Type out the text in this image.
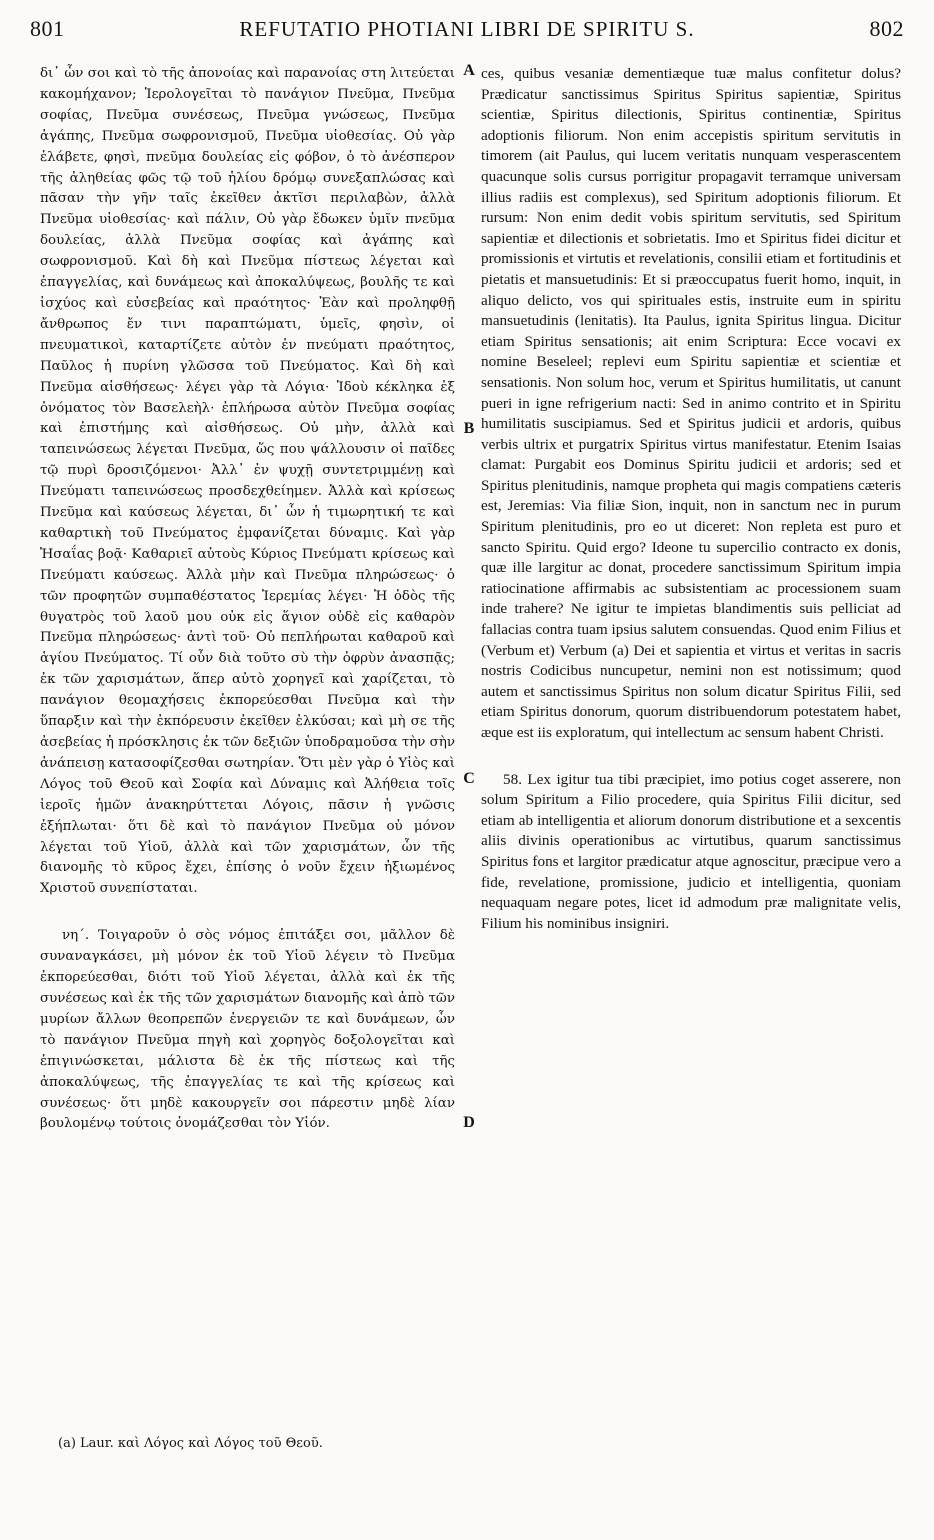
801	REFUTATIO PHOTIANI LIBRI DE SPIRITU S.	802

δι᾿ ὧν σοι καὶ τὸ τῆς ἀπονοίας καὶ παρανοίας στη λιτεύεται κακομήχανον; Ἱερολογεῖται τὸ πανάγιον Πνεῦμα, Πνεῦμα σοφίας, Πνεῦμα συνέσεως, Πνεῦμα γνώσεως, Πνεῦμα ἀγάπης, Πνεῦμα σωφρονισμοῦ, Πνεῦμα υἱοθεσίας. Οὐ γὰρ ἐλάβετε, φησὶ, πνεῦμα δουλείας εἰς φόβον, ὁ τὸ ἀνέσπερον τῆς ἀληθείας φῶς τῷ τοῦ ἡλίου δρόμῳ συνεξαπλώσας καὶ πᾶσαν τὴν γῆν ταῖς ἐκεῖθεν ἀκτῖσι περιλαβὼν, ἀλλὰ Πνεῦμα υἱοθεσίας· καὶ πάλιν, Οὐ γὰρ ἔδωκεν ὑμῖν πνεῦμα δουλείας, ἀλλὰ Πνεῦμα σοφίας καὶ ἀγάπης καὶ σωφρονισμοῦ. Καὶ δὴ καὶ Πνεῦμα πίστεως λέγεται καὶ ἐπαγγελίας, καὶ δυνάμεως καὶ ἀποκαλύψεως, βουλῆς τε καὶ ἰσχύος καὶ εὐσεβείας καὶ πραότητος· Ἐὰν καὶ προληφθῇ ἄνθρωπος ἔν τινι παραπτώματι, ὑμεῖς, φησὶν, οἱ πνευματικοὶ, καταρτίζετε αὐτὸν ἐν πνεύματι πραότητος, Παῦλος ἡ πυρίνη γλῶσσα τοῦ Πνεύματος. Καὶ δὴ καὶ Πνεῦμα αἰσθήσεως· λέγει γὰρ τὰ Λόγια· Ἰδοὺ κέκληκα ἐξ ὀνόματος τὸν Βασελεὴλ· ἐπλήρωσα αὐτὸν Πνεῦμα σοφίας καὶ ἐπιστήμης καὶ αἰσθήσεως. Οὐ μὴν, ἀλλὰ καὶ ταπεινώσεως λέγεται Πνεῦμα, ὥς που ψάλλουσιν οἱ παῖδες τῷ πυρὶ δροσιζόμενοι· Ἀλλ᾿ ἐν ψυχῇ συντετριμμένῃ καὶ Πνεύματι ταπεινώσεως προσδεχθείημεν. Ἀλλὰ καὶ κρίσεως Πνεῦμα καὶ καύσεως λέγεται, δι᾿ ὧν ἡ τιμωρητική τε καὶ καθαρτικὴ τοῦ Πνεύματος ἐμφανίζεται δύναμις. Καὶ γὰρ Ἡσαΐας βοᾷ· Καθαριεῖ αὐτοὺς Κύριος Πνεύματι κρίσεως καὶ Πνεύματι καύσεως. Ἀλλὰ μὴν καὶ Πνεῦμα πληρώσεως· ὁ τῶν προφητῶν συμπαθέστατος Ἱερεμίας λέγει· Ἡ ὁδὸς τῆς θυγατρὸς τοῦ λαοῦ μου οὐκ εἰς ἅγιον οὐδὲ εἰς καθαρὸν Πνεῦμα πληρώσεως· ἀντὶ τοῦ· Οὐ πεπλήρωται καθαροῦ καὶ ἁγίου Πνεύματος. Τί οὖν διὰ τοῦτο σὺ τὴν ὀφρὺν ἀνασπᾷς; ἐκ τῶν χαρισμάτων, ἅπερ αὐτὸ χορηγεῖ καὶ χαρίζεται, τὸ πανάγιον θεομαχήσεις ἐκπορεύεσθαι Πνεῦμα καὶ τὴν ὕπαρξιν καὶ τὴν ἐκπόρευσιν ἐκεῖθεν ἑλκύσαι; καὶ μὴ σε τῆς ἀσεβείας ἡ πρόσκλησις ἐκ τῶν δεξιῶν ὑποδραμοῦσα τὴν σὴν ἀνάπεισῃ κατασοφίζεσθαι σωτηρίαν. Ὅτι μὲν γὰρ ὁ Υἱὸς καὶ Λόγος τοῦ Θεοῦ καὶ Σοφία καὶ Δύναμις καὶ Ἀλήθεια τοῖς ἱεροῖς ἡμῶν ἀνακηρύττεται Λόγοις, πᾶσιν ἡ γνῶσις ἐξήπλωται· ὅτι δὲ καὶ τὸ πανάγιον Πνεῦμα οὐ μόνον λέγεται τοῦ Υἱοῦ, ἀλλὰ καὶ τῶν χαρισμάτων, ὧν τῆς διανομῆς τὸ κῦρος ἔχει, ἐπίσης ὁ νοῦν ἔχειν ἠξιωμένος Χριστοῦ συνεπίσταται.

νη΄. Τοιγαροῦν ὁ σὸς νόμος ἐπιτάξει σοι, μᾶλλον δὲ συναναγκάσει, μὴ μόνον ἐκ τοῦ Υἱοῦ λέγειν τὸ Πνεῦμα ἐκπορεύεσθαι, διότι τοῦ Υἱοῦ λέγεται, ἀλλὰ καὶ ἐκ τῆς συνέσεως καὶ ἐκ τῆς τῶν χαρισμάτων διανομῆς καὶ ἀπὸ τῶν μυρίων ἄλλων θεοπρεπῶν ἐνεργειῶν τε καὶ δυνάμεων, ὧν τὸ πανάγιον Πνεῦμα πηγὴ καὶ χορηγὸς δοξολογεῖται καὶ ἐπιγινώσκεται, μάλιστα δὲ ἐκ τῆς πίστεως καὶ τῆς ἀποκαλύψεως, τῆς ἐπαγγελίας τε καὶ τῆς κρίσεως καὶ συνέσεως· ὅτι μηδὲ κακουργεῖν σοι πάρεστιν μηδὲ λίαν βουλομένῳ τούτοις ὀνομάζεσθαι τὸν Υἱόν.

A
B
C
D

ces, quibus vesaniæ dementiæque tuæ malus confitetur dolus? Prædicatur sanctissimus Spiritus Spiritus sapientiæ, Spiritus scientiæ, Spiritus dilectionis, Spiritus continentiæ, Spiritus adoptionis filiorum. Non enim accepistis spiritum servitutis in timorem (ait Paulus, qui lucem veritatis nunquam vesperascentem quacunque solis cursus porrigitur propagavit terramque universam illius radiis est complexus), sed Spiritum adoptionis filiorum. Et rursum: Non enim dedit vobis spiritum servitutis, sed Spiritum sapientiæ et dilectionis et sobrietatis. Imo et Spiritus fidei dicitur et promissionis et virtutis et revelationis, consilii etiam et fortitudinis et pietatis et mansuetudinis: Et si præoccupatus fuerit homo, inquit, in aliquo delicto, vos qui spirituales estis, instruite eum in spiritu mansuetudinis (lenitatis). Ita Paulus, ignita Spiritus lingua. Dicitur etiam Spiritus sensationis; ait enim Scriptura: Ecce vocavi ex nomine Beseleel; replevi eum Spiritu sapientiæ et scientiæ et sensationis. Non solum hoc, verum et Spiritus humilitatis, ut canunt pueri in igne refrigerium nacti: Sed in animo contrito et in Spiritu humilitatis suscipiamus. Sed et Spiritus judicii et ardoris, quibus verbis ultrix et purgatrix Spiritus virtus manifestatur. Etenim Isaias clamat: Purgabit eos Dominus Spiritu judicii et ardoris; sed et Spiritus plenitudinis, namque propheta qui magis compatiens cæteris est, Jeremias: Via filiæ Sion, inquit, non in sanctum nec in purum Spiritum plenitudinis, pro eo ut diceret: Non repleta est puro et sancto Spiritu. Quid ergo? Ideone tu supercilio contracto ex donis, quæ ille largitur ac donat, procedere sanctissimum Spiritum impia ratiocinatione affirmabis ac subsistentiam ac processionem suam inde trahere? Ne igitur te impietas blandimentis suis pelliciat ad fallacias contra tuam ipsius salutem consuendas. Quod enim Filius et (Verbum et) Verbum (a) Dei et sapientia et virtus et veritas in sacris nostris Codicibus nuncupetur, nemini non est notissimum; quod autem et sanctissimus Spiritus non solum dicatur Spiritus Filii, sed etiam Spiritus donorum, quorum distribuendorum potestatem habet, æque est iis exploratum, qui intellectum ac sensum habent Christi.

58. Lex igitur tua tibi præcipiet, imo potius coget asserere, non solum Spiritum a Filio procedere, quia Spiritus Filii dicitur, sed etiam ab intelligentia et aliorum donorum distributione et a sexcentis aliis divinis operationibus ac virtutibus, quarum sanctissimus Spiritus fons et largitor prædicatur atque agnoscitur, præcipue vero a fide, revelatione, promissione, judicio et intelligentia, quoniam nequaquam negare potes, licet id admodum præ malignitate velis, Filium his nominibus insigniri.

(a) Laur. καὶ Λόγος καὶ Λόγος τοῦ Θεοῦ.
